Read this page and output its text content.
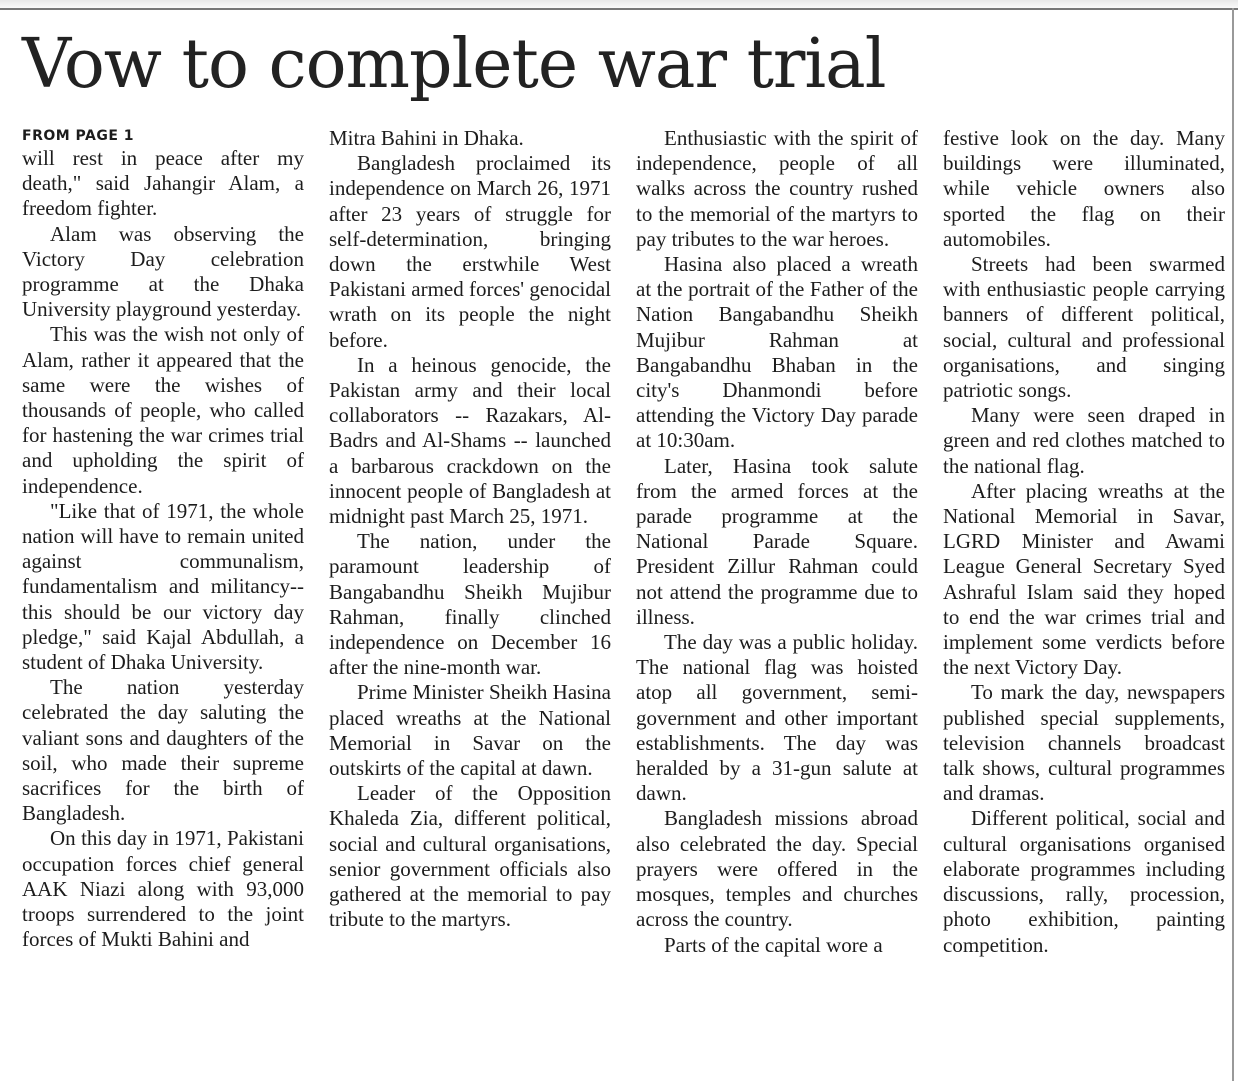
Vow to complete war trial
FROM PAGE 1

will rest in peace after my death," said Jahangir Alam, a freedom fighter.

Alam was observing the Victory Day celebration programme at the Dhaka University playground yesterday.

This was the wish not only of Alam, rather it appeared that the same were the wishes of thousands of people, who called for hastening the war crimes trial and upholding the spirit of independence.

"Like that of 1971, the whole nation will have to remain united against communalism, fundamentalism and militancy--this should be our victory day pledge," said Kajal Abdullah, a student of Dhaka University.

The nation yesterday celebrated the day saluting the valiant sons and daughters of the soil, who made their supreme sacrifices for the birth of Bangladesh.

On this day in 1971, Pakistani occupation forces chief general AAK Niazi along with 93,000 troops surrendered to the joint forces of Mukti Bahini and

Mitra Bahini in Dhaka.

Bangladesh proclaimed its independence on March 26, 1971 after 23 years of struggle for self-determination, bringing down the erstwhile West Pakistani armed forces' genocidal wrath on its people the night before.

In a heinous genocide, the Pakistan army and their local collaborators -- Razakars, Al-Badrs and Al-Shams -- launched a barbarous crackdown on the innocent people of Bangladesh at midnight past March 25, 1971.

The nation, under the paramount leadership of Bangabandhu Sheikh Mujibur Rahman, finally clinched independence on December 16 after the nine-month war.

Prime Minister Sheikh Hasina placed wreaths at the National Memorial in Savar on the outskirts of the capital at dawn.

Leader of the Opposition Khaleda Zia, different political, social and cultural organisations, senior government officials also gathered at the memorial to pay tribute to the martyrs.

Enthusiastic with the spirit of independence, people of all walks across the country rushed to the memorial of the martyrs to pay tributes to the war heroes.

Hasina also placed a wreath at the portrait of the Father of the Nation Bangabandhu Sheikh Mujibur Rahman at Bangabandhu Bhaban in the city's Dhanmondi before attending the Victory Day parade at 10:30am.

Later, Hasina took salute from the armed forces at the parade programme at the National Parade Square. President Zillur Rahman could not attend the programme due to illness.

The day was a public holiday. The national flag was hoisted atop all government, semi-government and other important establishments. The day was heralded by a 31-gun salute at dawn.

Bangladesh missions abroad also celebrated the day. Special prayers were offered in the mosques, temples and churches across the country.

Parts of the capital wore a

festive look on the day. Many buildings were illuminated, while vehicle owners also sported the flag on their automobiles.

Streets had been swarmed with enthusiastic people carrying banners of different political, social, cultural and professional organisations, and singing patriotic songs.

Many were seen draped in green and red clothes matched to the national flag.

After placing wreaths at the National Memorial in Savar, LGRD Minister and Awami League General Secretary Syed Ashraful Islam said they hoped to end the war crimes trial and implement some verdicts before the next Victory Day.

To mark the day, newspapers published special supplements, television channels broadcast talk shows, cultural programmes and dramas.

Different political, social and cultural organisations organised elaborate programmes including discussions, rally, procession, photo exhibition, painting competition.
